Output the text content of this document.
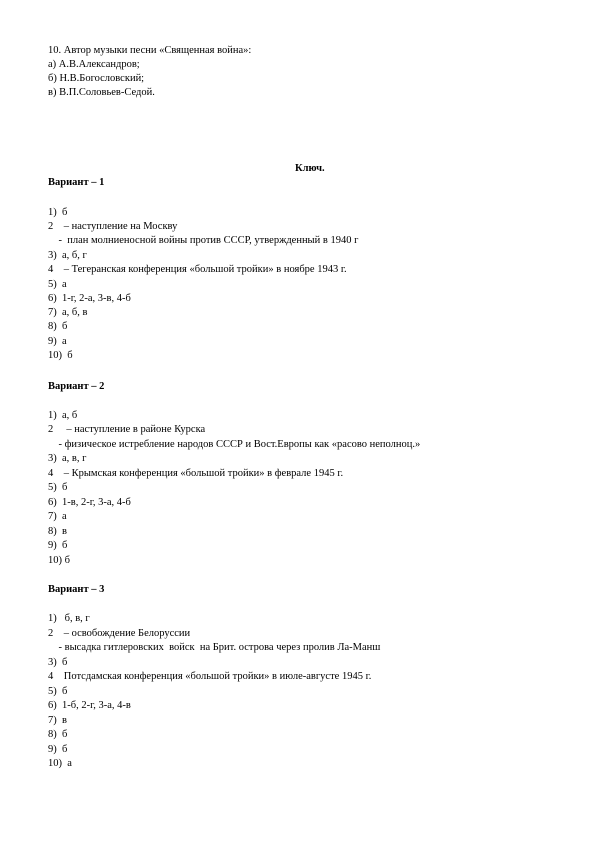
10. Автор музыки песни «Священная война»:
а) А.В.Александров;
б) Н.В.Богословский;
в) В.П.Соловьев-Седой.
Ключ.
Вариант – 1
1)  б
2    – наступление на Москву
-  план молниеносной войны против СССР, утвержденный в 1940 г
3)  а, б, г
4    – Тегеранская конференция «большой тройки» в ноябре 1943 г.
5)  а
6)  1-г, 2-а, 3-в, 4-б
7)  а, б, в
8)  б
9)  а
10)  б
Вариант – 2
1)  а, б
2     – наступление в районе Курска
- физическое истребление народов СССР и Вост.Европы как «расово неполноц.»
3)  а, в, г
4    – Крымская конференция «большой тройки» в феврале 1945 г.
5)  б
6)  1-в, 2-г, 3-а, 4-б
7)  а
8)  в
9)  б
10) б
Вариант – 3
1)   б, в, г
2    – освобождение Белоруссии
- высадка гитлеровских  войск  на Брит. острова через пролив Ла-Манш
3)  б
4    Потсдамская конференция «большой тройки» в июле-августе 1945 г.
5)  б
6)  1-б, 2-г, 3-а, 4-в
7)  в
8)  б
9)  б
10)  а
